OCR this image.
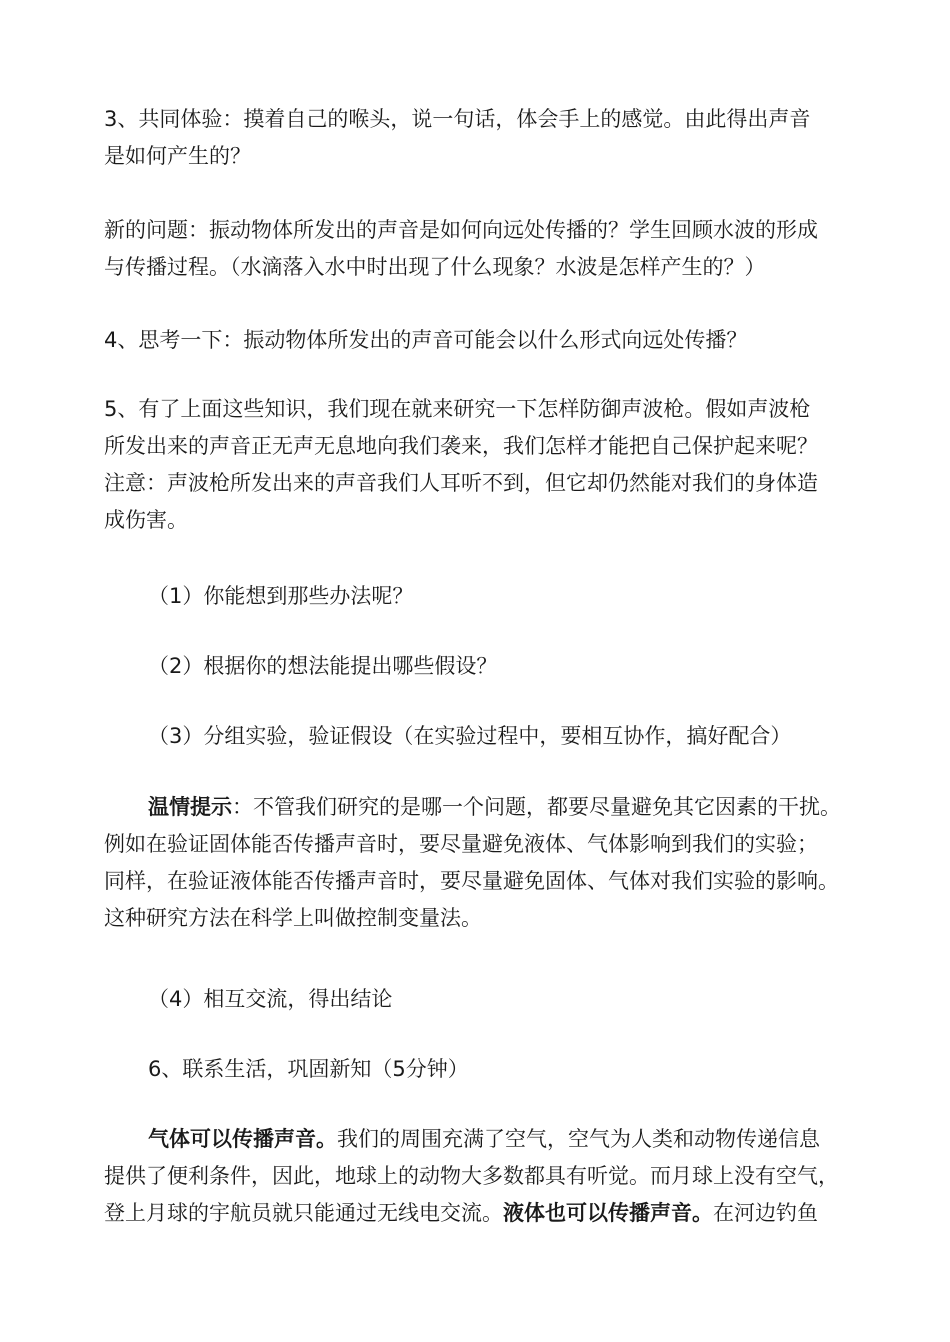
3、共同体验：摸着自己的喉头，说一句话，体会手上的感觉。由此得出声音
是如何产生的？

新的问题：振动物体所发出的声音是如何向远处传播的？学生回顾水波的形成
与传播过程。（水滴落入水中时出现了什么现象？水波是怎样产生的？）

4、思考一下：振动物体所发出的声音可能会以什么形式向远处传播？

5、有了上面这些知识，我们现在就来研究一下怎样防御声波枪。假如声波枪
所发出来的声音正无声无息地向我们袭来，我们怎样才能把自己保护起来呢？
注意：声波枪所发出来的声音我们人耳听不到，但它却仍然能对我们的身体造
成伤害。

（1）你能想到那些办法呢？

（2）根据你的想法能提出哪些假设？

（3）分组实验，验证假设（在实验过程中，要相互协作，搞好配合）

温情提示：不管我们研究的是哪一个问题，都要尽量避免其它因素的干扰。
例如在验证固体能否传播声音时，要尽量避免液体、气体影响到我们的实验；
同样，在验证液体能否传播声音时，要尽量避免固体、气体对我们实验的影响。
这种研究方法在科学上叫做控制变量法。

（4）相互交流，得出结论

6、联系生活，巩固新知（5分钟）

气体可以传播声音。我们的周围充满了空气，空气为人类和动物传递信息
提供了便利条件，因此，地球上的动物大多数都具有听觉。而月球上没有空气，
登上月球的宇航员就只能通过无线电交流。液体也可以传播声音。在河边钓鱼
